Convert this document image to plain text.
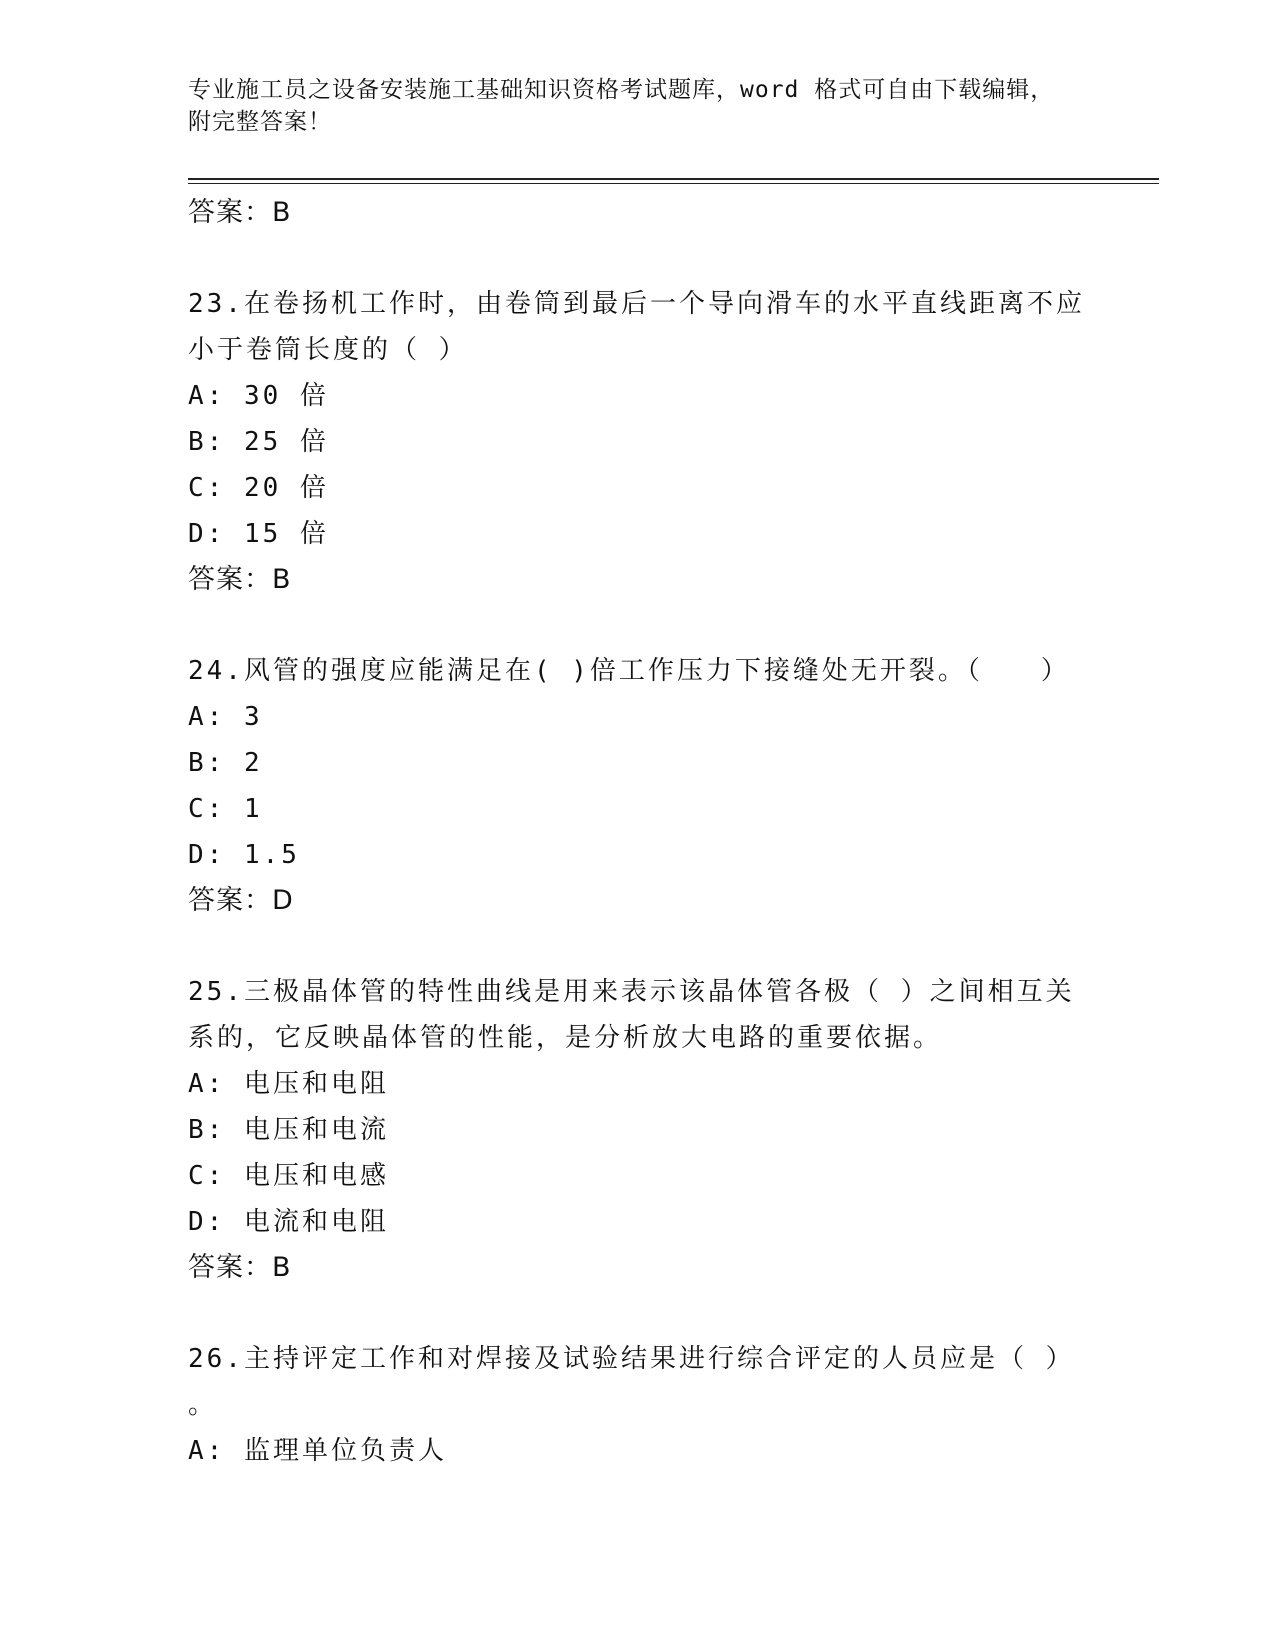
专业施工员之设备安装施工基础知识资格考试题库，word 格式可自由下载编辑，
附完整答案！
答案：B
23.在卷扬机工作时，由卷筒到最后一个导向滑车的水平直线距离不应
小于卷筒长度的（ ）
A: 30 倍
B: 25 倍
C: 20 倍
D: 15 倍
答案：B
24.风管的强度应能满足在( )倍工作压力下接缝处无开裂。（　　）
A: 3
B: 2
C: 1
D: 1.5
答案：D
25.三极晶体管的特性曲线是用来表示该晶体管各极（ ）之间相互关
系的，它反映晶体管的性能，是分析放大电路的重要依据。
A: 电压和电阻
B: 电压和电流
C: 电压和电感
D: 电流和电阻
答案：B
26.主持评定工作和对焊接及试验结果进行综合评定的人员应是（ ）
。
A: 监理单位负责人
